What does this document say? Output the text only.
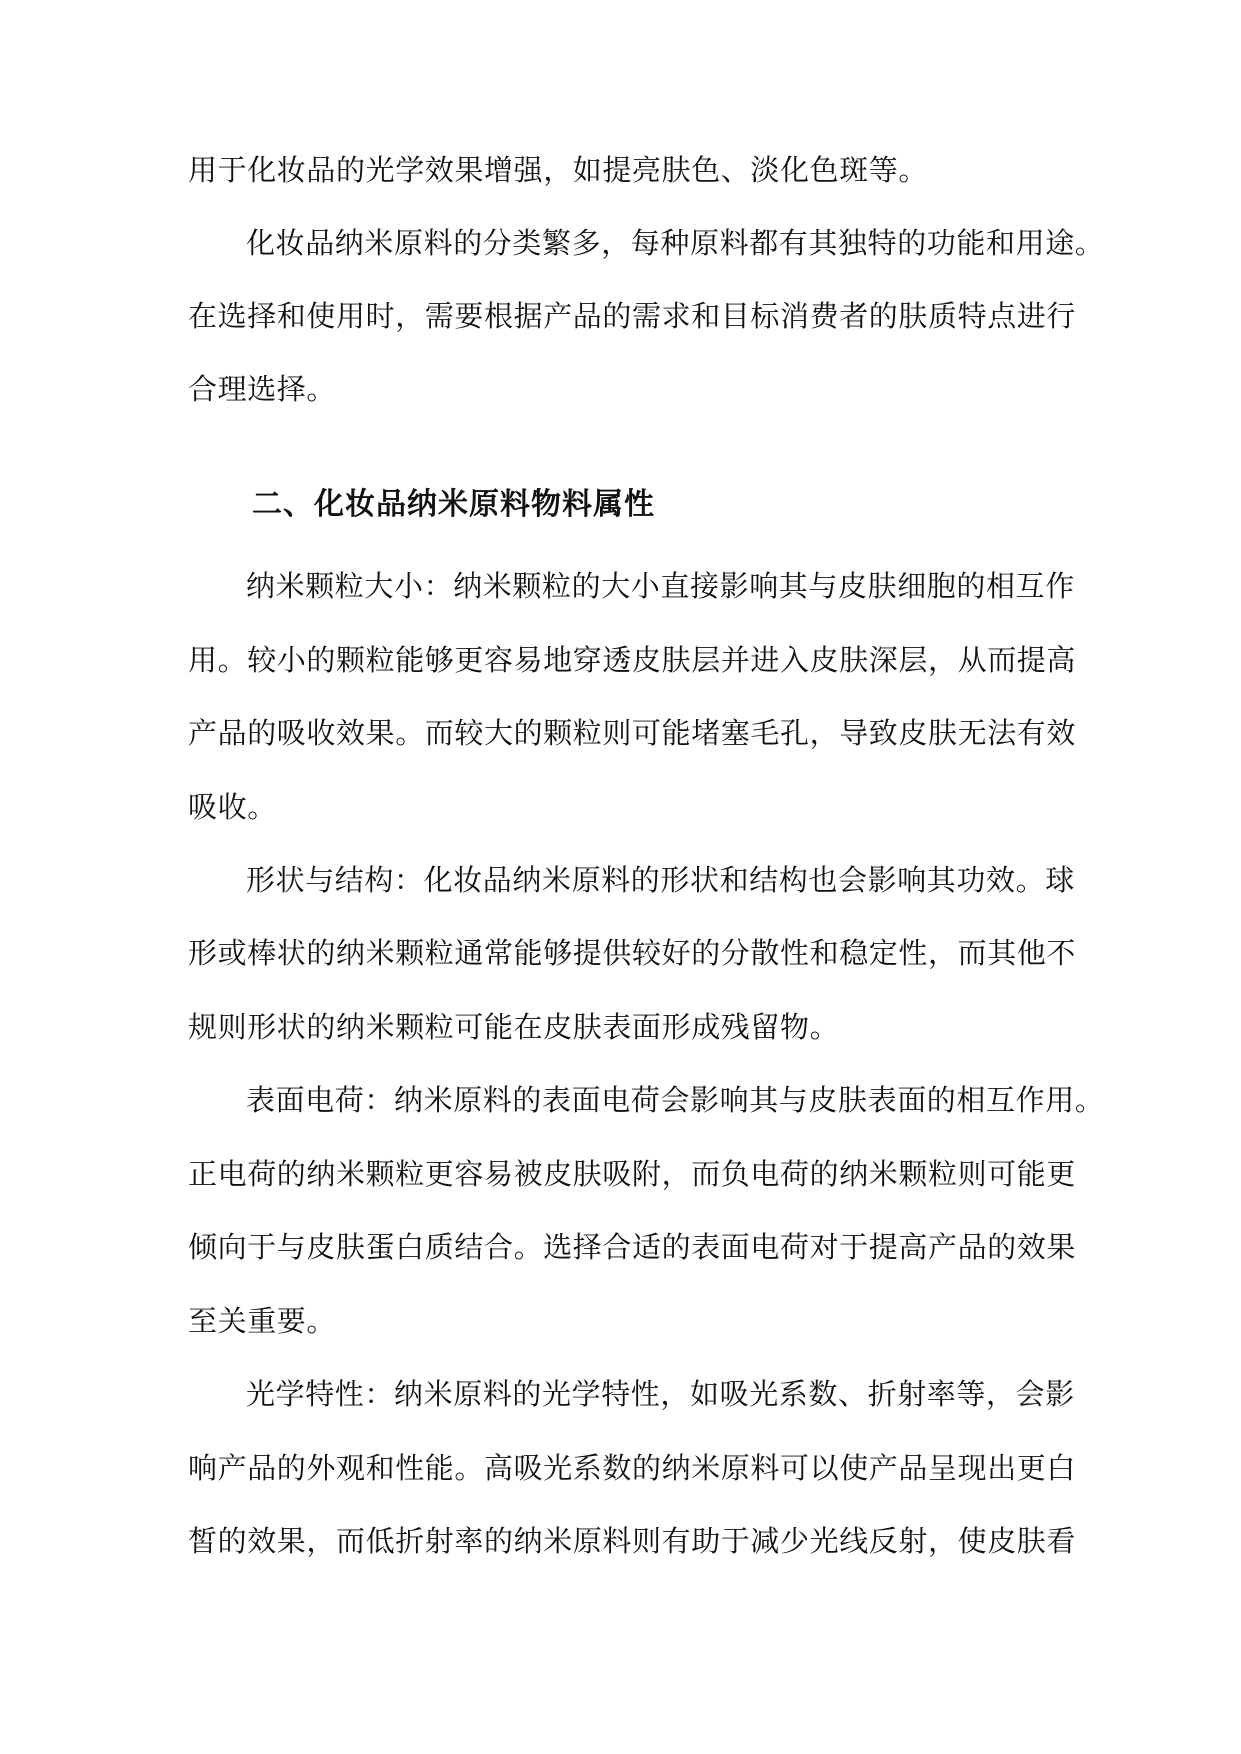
用于化妆品的光学效果增强，如提亮肤色、淡化色斑等。
化妆品纳米原料的分类繁多，每种原料都有其独特的功能和用途。
在选择和使用时，需要根据产品的需求和目标消费者的肤质特点进行
合理选择。
二、化妆品纳米原料物料属性
纳米颗粒大小：纳米颗粒的大小直接影响其与皮肤细胞的相互作
用。较小的颗粒能够更容易地穿透皮肤层并进入皮肤深层，从而提高
产品的吸收效果。而较大的颗粒则可能堵塞毛孔，导致皮肤无法有效
吸收。
形状与结构：化妆品纳米原料的形状和结构也会影响其功效。球
形或棒状的纳米颗粒通常能够提供较好的分散性和稳定性，而其他不
规则形状的纳米颗粒可能在皮肤表面形成残留物。
表面电荷：纳米原料的表面电荷会影响其与皮肤表面的相互作用。
正电荷的纳米颗粒更容易被皮肤吸附，而负电荷的纳米颗粒则可能更
倾向于与皮肤蛋白质结合。选择合适的表面电荷对于提高产品的效果
至关重要。
光学特性：纳米原料的光学特性，如吸光系数、折射率等，会影
响产品的外观和性能。高吸光系数的纳米原料可以使产品呈现出更白
皙的效果，而低折射率的纳米原料则有助于减少光线反射，使皮肤看
